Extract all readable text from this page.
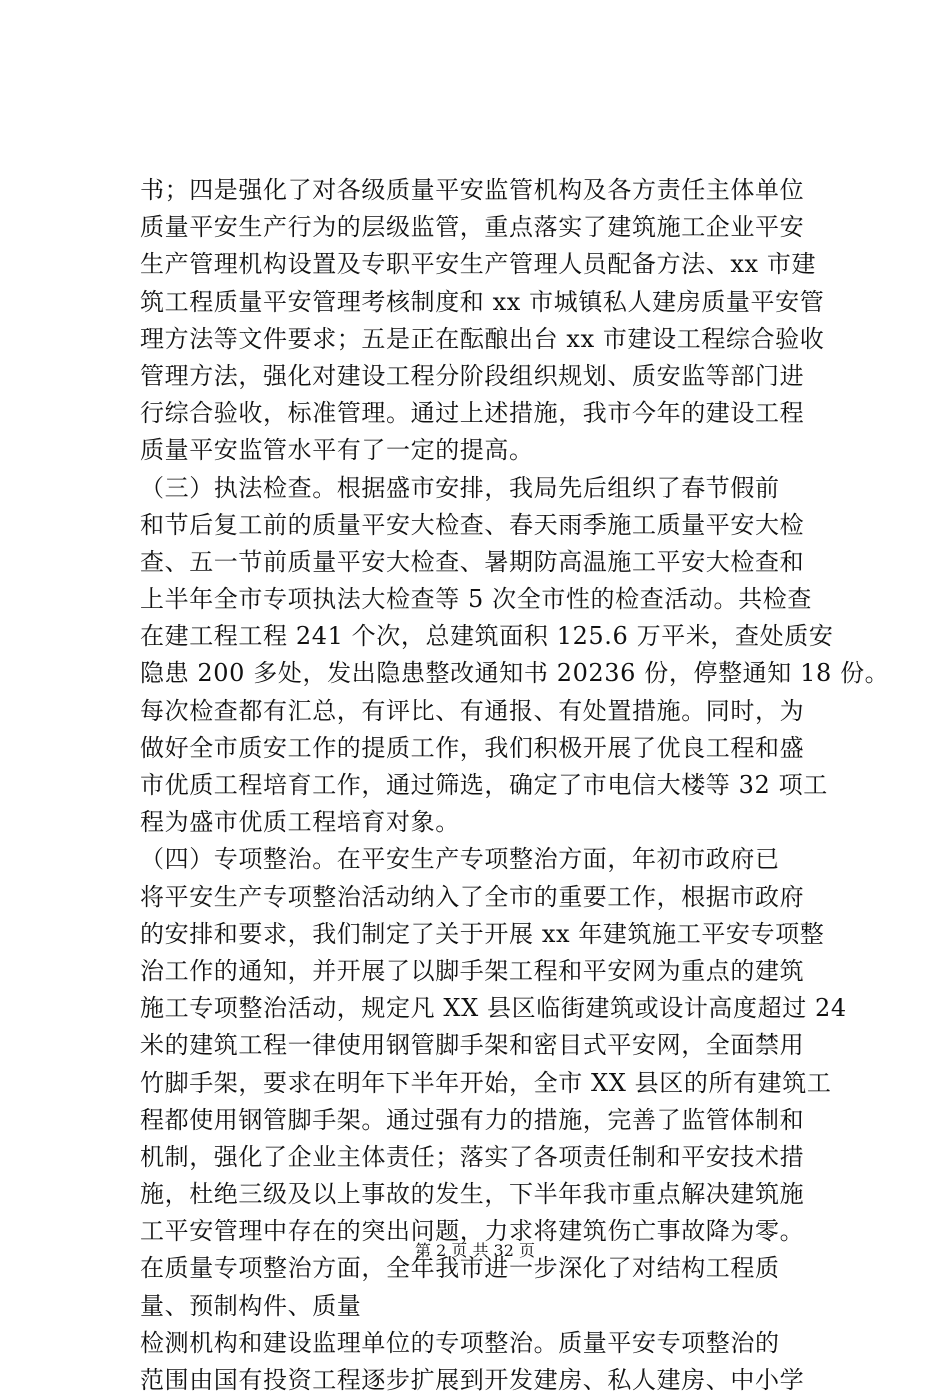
书；四是强化了对各级质量平安监管机构及各方责任主体单位
质量平安生产行为的层级监管，重点落实了建筑施工企业平安
生产管理机构设置及专职平安生产管理人员配备方法、xx 市建
筑工程质量平安管理考核制度和 xx 市城镇私人建房质量平安管
理方法等文件要求；五是正在酝酿出台 xx 市建设工程综合验收
管理方法，强化对建设工程分阶段组织规划、质安监等部门进
行综合验收，标准管理。通过上述措施，我市今年的建设工程
质量平安监管水平有了一定的提高。
（三）执法检查。根据盛市安排，我局先后组织了春节假前
和节后复工前的质量平安大检查、春天雨季施工质量平安大检
查、五一节前质量平安大检查、暑期防高温施工平安大检查和
上半年全市专项执法大检查等 5 次全市性的检查活动。共检查
在建工程工程 241 个次，总建筑面积 125.6 万平米，查处质安
隐患 200 多处，发出隐患整改通知书 20236 份，停整通知 18 份。
每次检查都有汇总，有评比、有通报、有处置措施。同时，为
做好全市质安工作的提质工作，我们积极开展了优良工程和盛
市优质工程培育工作，通过筛选，确定了市电信大楼等 32 项工
程为盛市优质工程培育对象。
（四）专项整治。在平安生产专项整治方面，年初市政府已
将平安生产专项整治活动纳入了全市的重要工作，根据市政府
的安排和要求，我们制定了关于开展 xx 年建筑施工平安专项整
治工作的通知，并开展了以脚手架工程和平安网为重点的建筑
施工专项整治活动，规定凡 XX 县区临街建筑或设计高度超过 24
米的建筑工程一律使用钢管脚手架和密目式平安网，全面禁用
竹脚手架，要求在明年下半年开始，全市 XX 县区的所有建筑工
程都使用钢管脚手架。通过强有力的措施，完善了监管体制和
机制，强化了企业主体责任；落实了各项责任制和平安技术措
施，杜绝三级及以上事故的发生，下半年我市重点解决建筑施
工平安管理中存在的突出问题，力求将建筑伤亡事故降为零。
在质量专项整治方面，全年我市进一步深化了对结构工程质
量、预制构件、质量
检测机构和建设监理单位的专项整治。质量平安专项整治的
范围由国有投资工程逐步扩展到开发建房、私人建房、中小学
第 2 页 共 32 页
